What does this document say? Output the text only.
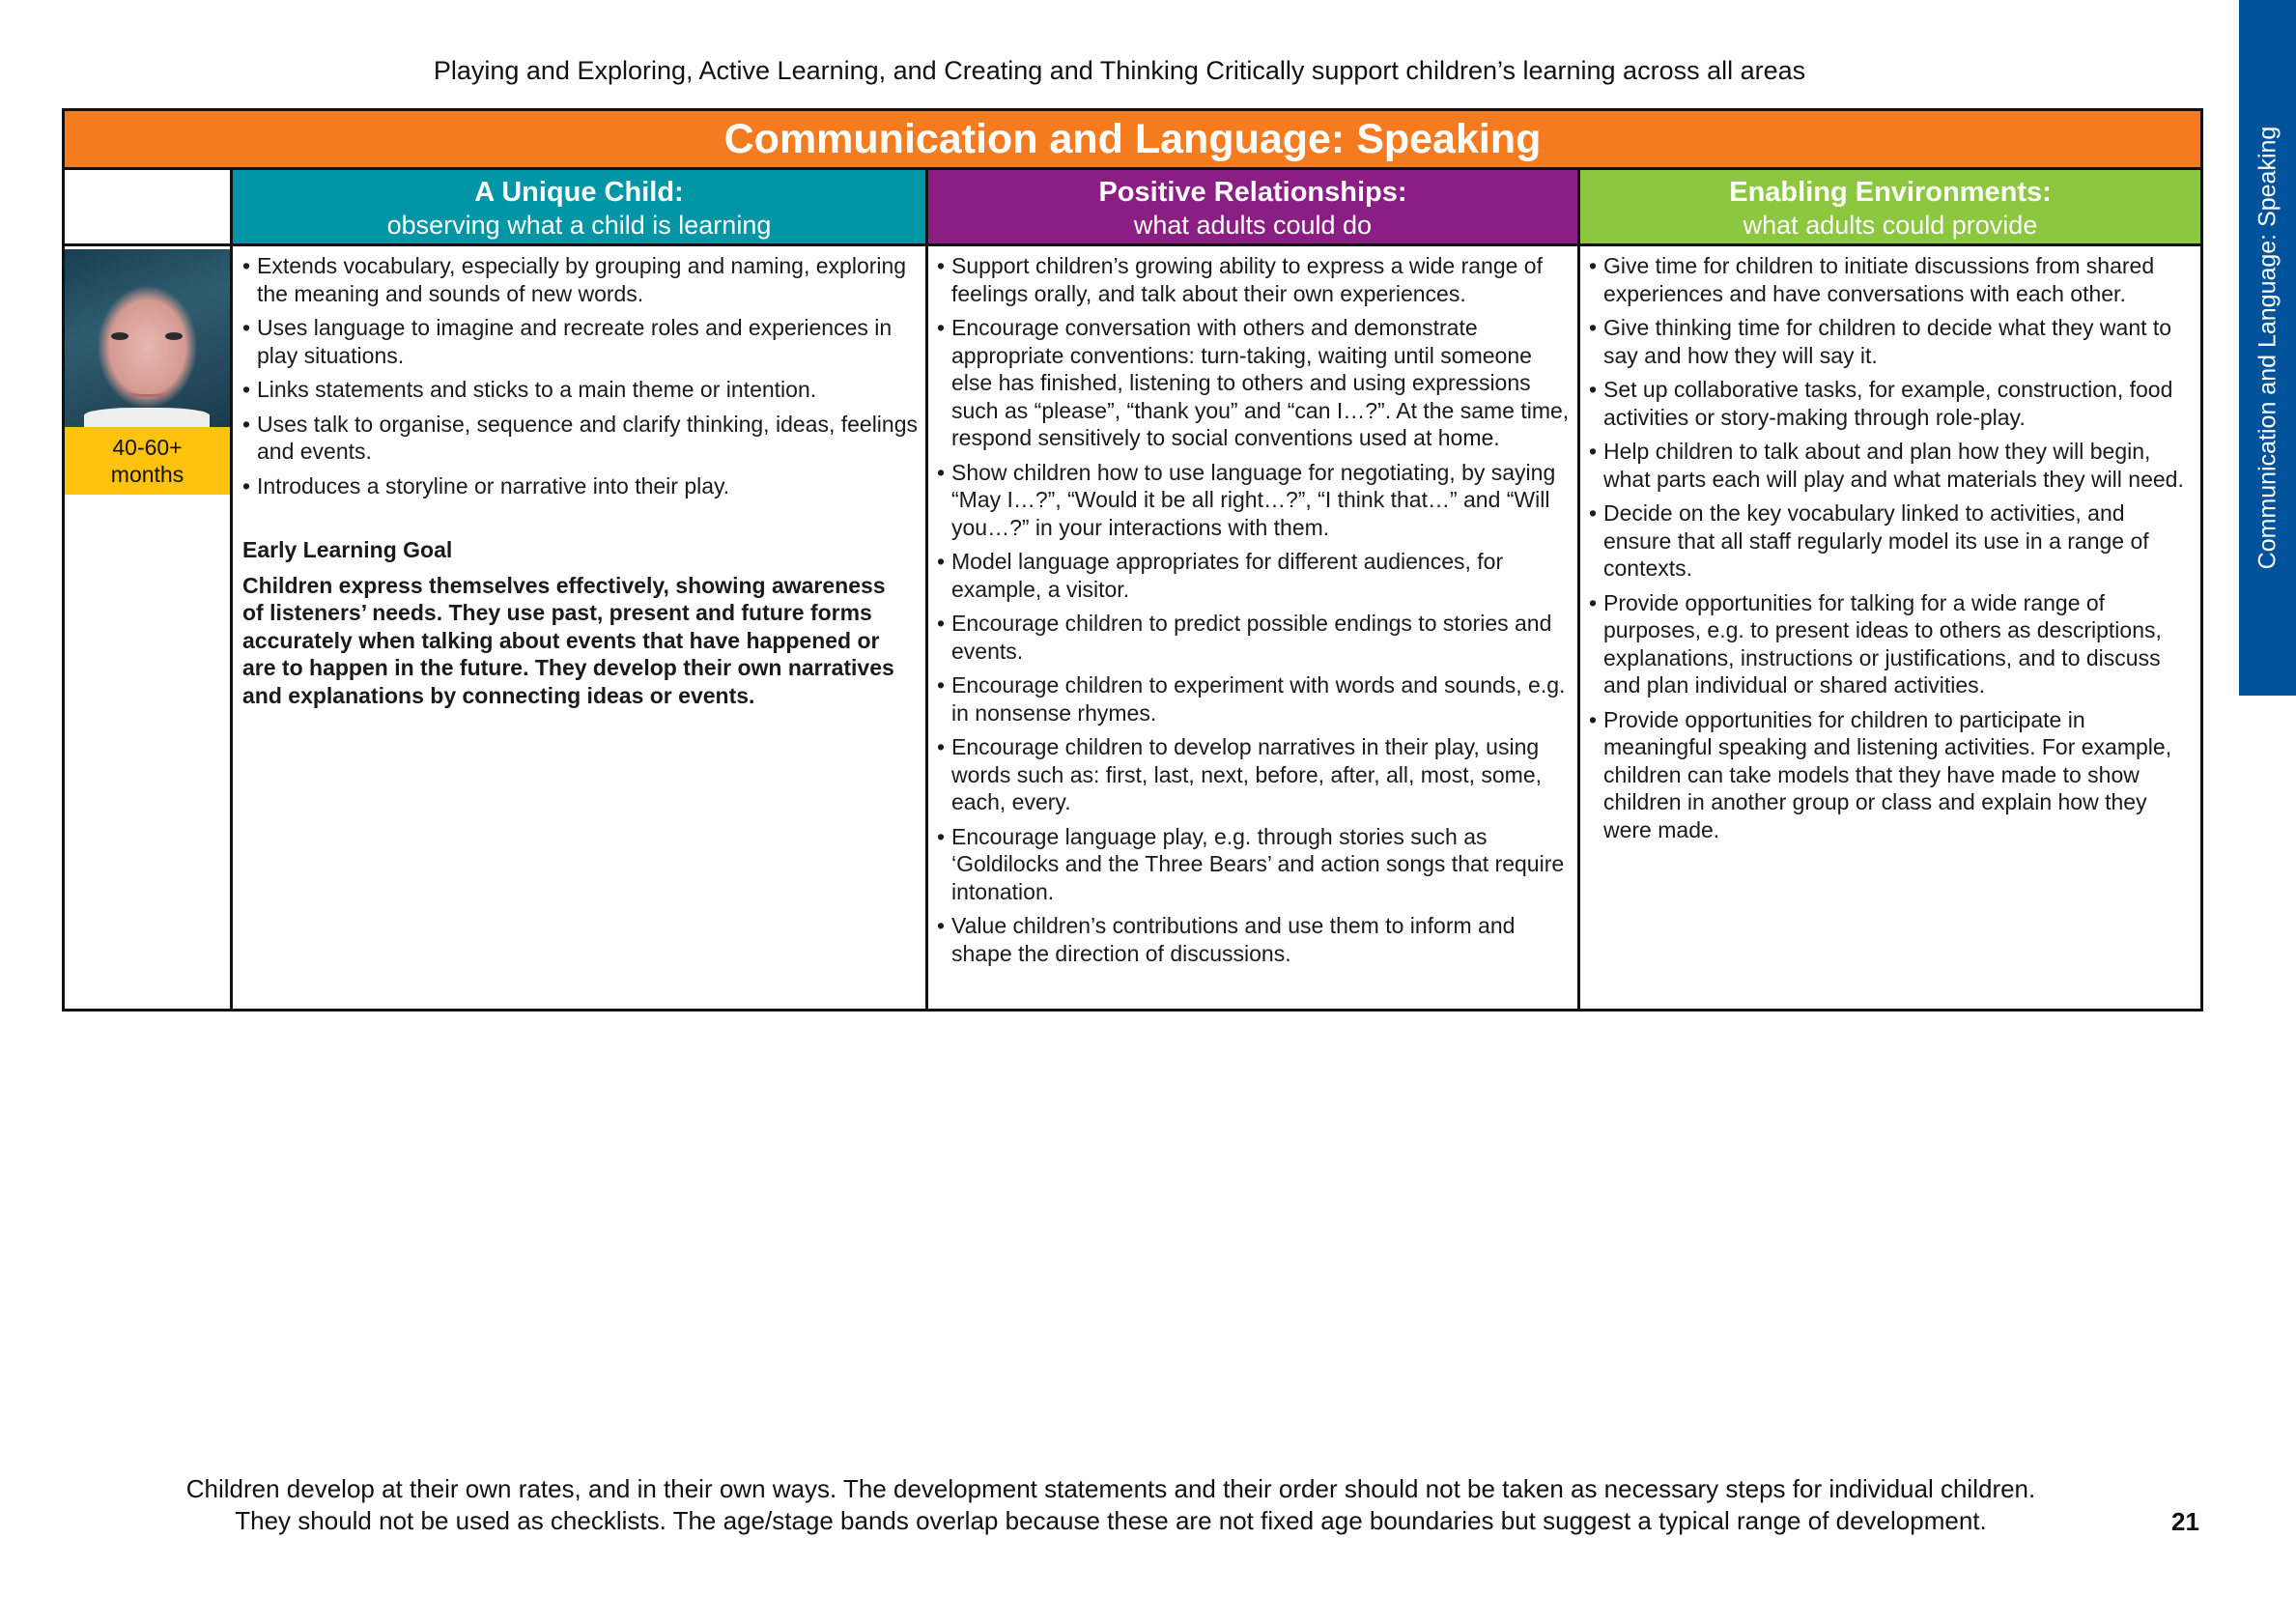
Playing and Exploring, Active Learning, and Creating and Thinking Critically support children’s learning across all areas
Communication and Language: Speaking
Communication and Language: Speaking
A Unique Child:
observing what a child is learning
Positive Relationships:
what adults could do
Enabling Environments:
what adults could provide
40-60+
months
• Extends vocabulary, especially by grouping and naming, exploring the meaning and sounds of new words.
• Uses language to imagine and recreate roles and experiences in play situations.
• Links statements and sticks to a main theme or intention.
• Uses talk to organise, sequence and clarify thinking, ideas, feelings and events.
• Introduces a storyline or narrative into their play.
Early Learning Goal
Children express themselves effectively, showing awareness of listeners’ needs. They use past, present and future forms accurately when talking about events that have happened or are to happen in the future. They develop their own narratives and explanations by connecting ideas or events.
• Support children’s growing ability to express a wide range of feelings orally, and talk about their own experiences.
• Encourage conversation with others and demonstrate appropriate conventions: turn-taking, waiting until someone else has finished, listening to others and using expressions such as “please”, “thank you” and “can I…?”. At the same time, respond sensitively to social conventions used at home.
• Show children how to use language for negotiating, by saying “May I…?”, “Would it be all right…?”, “I think that…” and “Will you…?” in your interactions with them.
• Model language appropriates for different audiences, for example, a visitor.
• Encourage children to predict possible endings to stories and events.
• Encourage children to experiment with words and sounds, e.g. in nonsense rhymes.
• Encourage children to develop narratives in their play, using words such as: first, last, next, before, after, all, most, some, each, every.
• Encourage language play, e.g. through stories such as ‘Goldilocks and the Three Bears’ and action songs that require intonation.
• Value children’s contributions and use them to inform and shape the direction of discussions.
• Give time for children to initiate discussions from shared experiences and have conversations with each other.
• Give thinking time for children to decide what they want to say and how they will say it.
• Set up collaborative tasks, for example, construction, food activities or story-making through role-play.
• Help children to talk about and plan how they will begin, what parts each will play and what materials they will need.
• Decide on the key vocabulary linked to activities, and ensure that all staff regularly model its use in a range of contexts.
• Provide opportunities for talking for a wide range of purposes, e.g. to present ideas to others as descriptions, explanations, instructions or justifications, and to discuss and plan individual or shared activities.
• Provide opportunities for children to participate in meaningful speaking and listening activities. For example, children can take models that they have made to show children in another group or class and explain how they were made.
Children develop at their own rates, and in their own ways. The development statements and their order should not be taken as necessary steps for individual children.
They should not be used as checklists. The age/stage bands overlap because these are not fixed age boundaries but suggest a typical range of development.	21
